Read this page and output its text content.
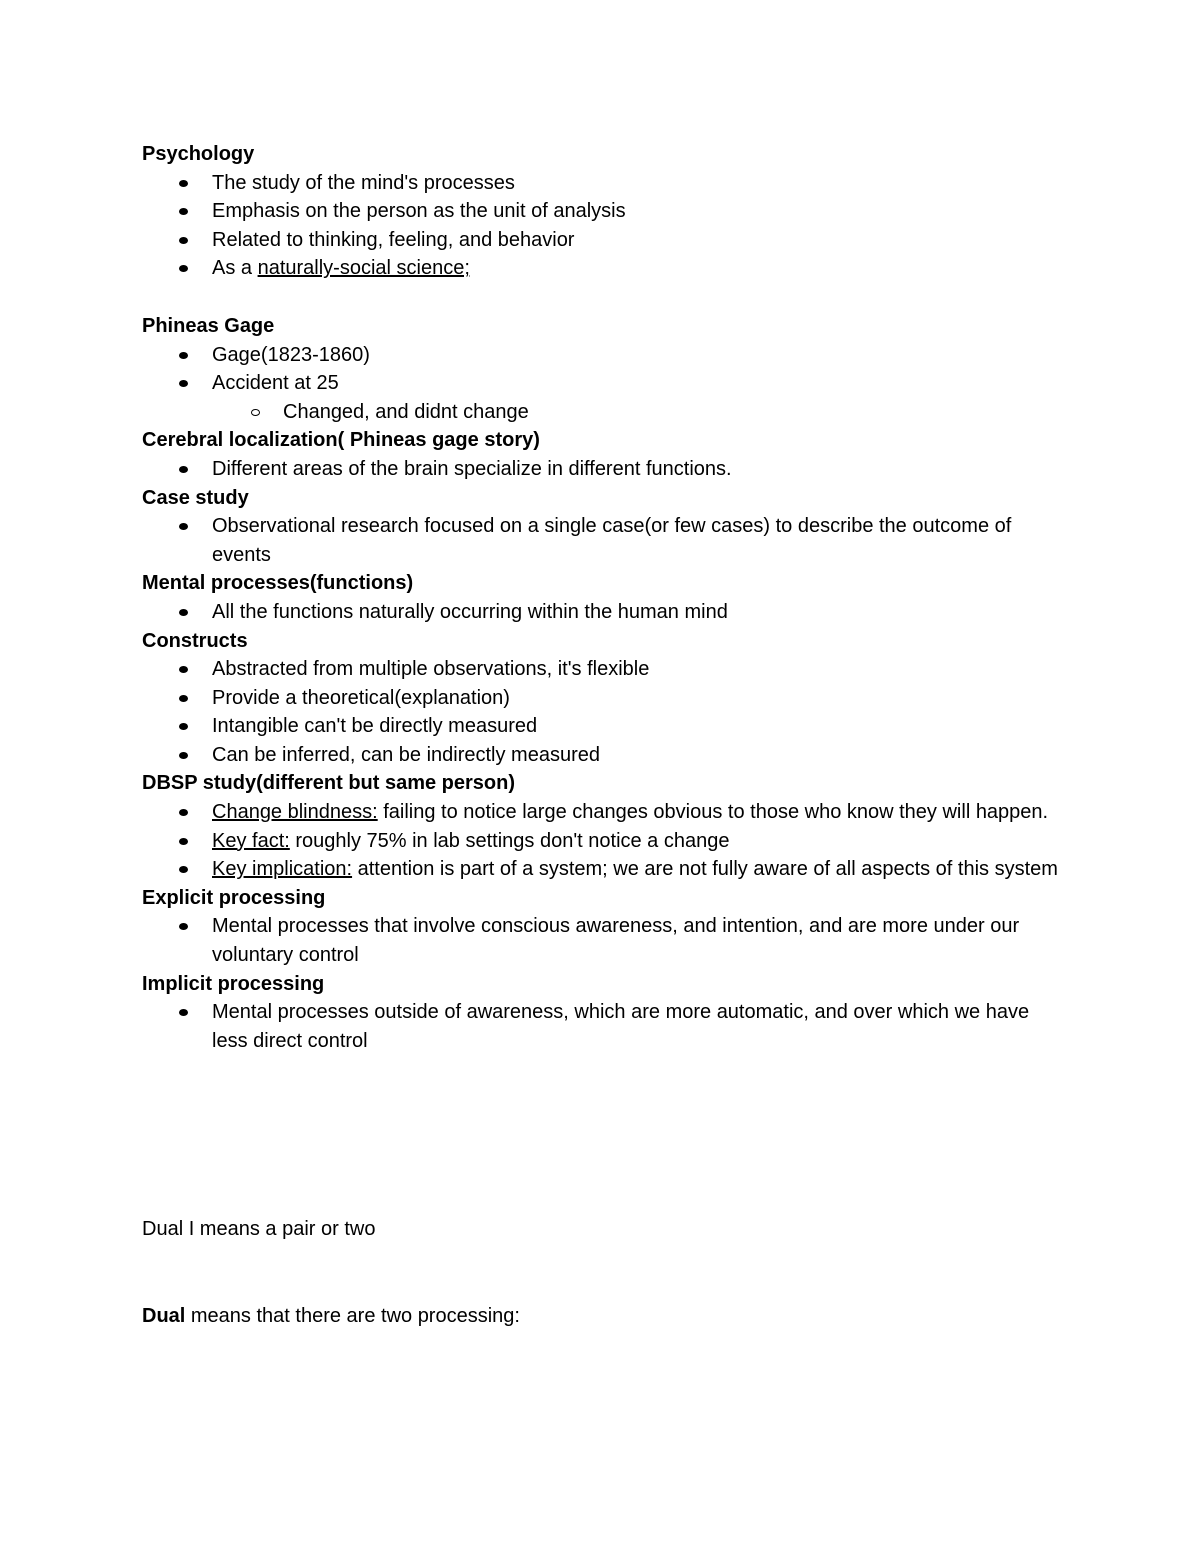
Psychology

The study of the mind's processes
Emphasis on the person as the unit of analysis
Related to thinking, feeling, and behavior
As a naturally-social science;

Phineas Gage

Gage(1823-1860)
Accident at 25
Changed, and didnt change

Cerebral localization( Phineas gage story)

Different areas of the brain specialize in different functions.

Case study

Observational research focused on a single case(or few cases) to describe the outcome of events

Mental processes(functions)

All the functions naturally occurring within the human mind

Constructs

Abstracted from multiple observations, it's flexible
Provide a theoretical(explanation)
Intangible can't be directly measured
Can be inferred, can be indirectly measured

DBSP study(different but same person)

Change blindness: failing to notice large changes obvious to those who know they will happen.
Key fact: roughly 75% in lab settings don't notice a change
Key implication: attention is part of a system; we are not fully aware of all aspects of this system

Explicit processing

Mental processes that involve conscious awareness, and intention, and are more under our voluntary control

Implicit processing

Mental processes outside of awareness, which are more automatic, and over which we have less direct control

Dual I means a pair or two

Dual means that there are two processing:
